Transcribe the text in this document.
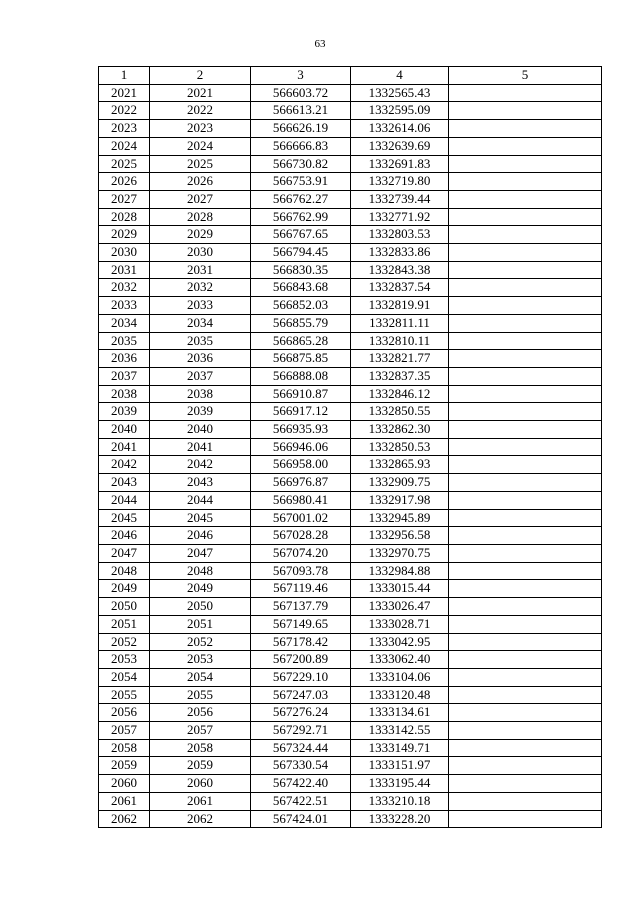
63
1	2	3	4	5
2021	2021	566603.72	1332565.43	
2022	2022	566613.21	1332595.09	
2023	2023	566626.19	1332614.06	
2024	2024	566666.83	1332639.69	
2025	2025	566730.82	1332691.83	
2026	2026	566753.91	1332719.80	
2027	2027	566762.27	1332739.44	
2028	2028	566762.99	1332771.92	
2029	2029	566767.65	1332803.53	
2030	2030	566794.45	1332833.86	
2031	2031	566830.35	1332843.38	
2032	2032	566843.68	1332837.54	
2033	2033	566852.03	1332819.91	
2034	2034	566855.79	1332811.11	
2035	2035	566865.28	1332810.11	
2036	2036	566875.85	1332821.77	
2037	2037	566888.08	1332837.35	
2038	2038	566910.87	1332846.12	
2039	2039	566917.12	1332850.55	
2040	2040	566935.93	1332862.30	
2041	2041	566946.06	1332850.53	
2042	2042	566958.00	1332865.93	
2043	2043	566976.87	1332909.75	
2044	2044	566980.41	1332917.98	
2045	2045	567001.02	1332945.89	
2046	2046	567028.28	1332956.58	
2047	2047	567074.20	1332970.75	
2048	2048	567093.78	1332984.88	
2049	2049	567119.46	1333015.44	
2050	2050	567137.79	1333026.47	
2051	2051	567149.65	1333028.71	
2052	2052	567178.42	1333042.95	
2053	2053	567200.89	1333062.40	
2054	2054	567229.10	1333104.06	
2055	2055	567247.03	1333120.48	
2056	2056	567276.24	1333134.61	
2057	2057	567292.71	1333142.55	
2058	2058	567324.44	1333149.71	
2059	2059	567330.54	1333151.97	
2060	2060	567422.40	1333195.44	
2061	2061	567422.51	1333210.18	
2062	2062	567424.01	1333228.20	
